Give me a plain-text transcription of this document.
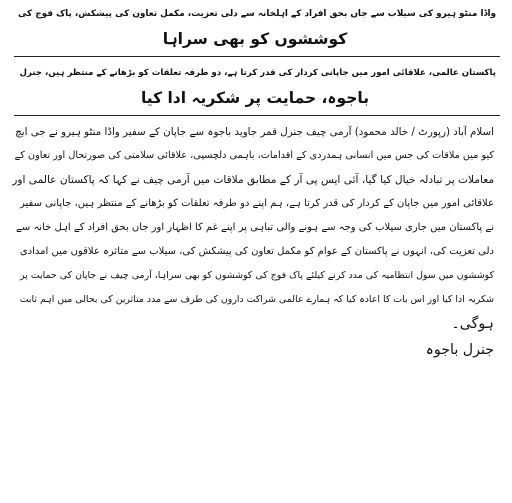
واڈا منٹو ہیرو کی سیلاب سے جاں بحق افراد کے اہلخانہ سے دلی تعزیت، مکمل تعاون کی پیشکش، پاک فوج کی
کوششوں کو بھی سراہا
پاکستان عالمی، علاقائی امور میں جاپانی کردار کی قدر کرتا ہے، دو طرفہ تعلقات کو بڑھانے کے منتظر ہیں، جنرل
باجوہ، حمایت پر شکریہ ادا کیا
اسلام آباد (رپورٹ / خالد محمود) آرمی چیف جنرل قمر جاوید باجوہ سے جاپان کے سفیر واڈا منٹو ہیرو نے جی ایچ
کیو میں ملاقات کی جس میں انسانی ہمدردی کے اقدامات، باہمی دلچسپی، علاقائی سلامتی کی صورتحال اور تعاون کے
معاملات پر تبادلہ خیال کیا گیا، آئی ایس پی آر کے مطابق ملاقات میں آرمی چیف نے کہا کہ پاکستان عالمی اور
علاقائی امور میں جاپان کے کردار کی قدر کرتا ہے، ہم اپنے دو طرفہ تعلقات کو بڑھانے کے منتظر ہیں، جاپانی سفیر
نے پاکستان میں جاری سیلاب کی وجہ سے ہونے والی تباہی پر اپنے غم کا اظہار اور جاں بحق افراد کے اہل خانہ سے
دلی تعزیت کی، انہوں نے پاکستان کے عوام کو مکمل تعاون کی پیشکش کی، سیلاب سے متاثرہ علاقوں میں امدادی
کوششوں میں سول انتظامیہ کی مدد کرنے کیلئے پاک فوج کی کوششوں کو بھی سراہا، آرمی چیف نے جاپان کی حمایت پر
شکریہ ادا کیا اور اس بات کا اعادہ کیا کہ ہمارے عالمی شراکت داروں کی طرف سے مدد متاثرین کی بحالی میں اہم ثابت
ہوگی۔
جنرل باجوہ
